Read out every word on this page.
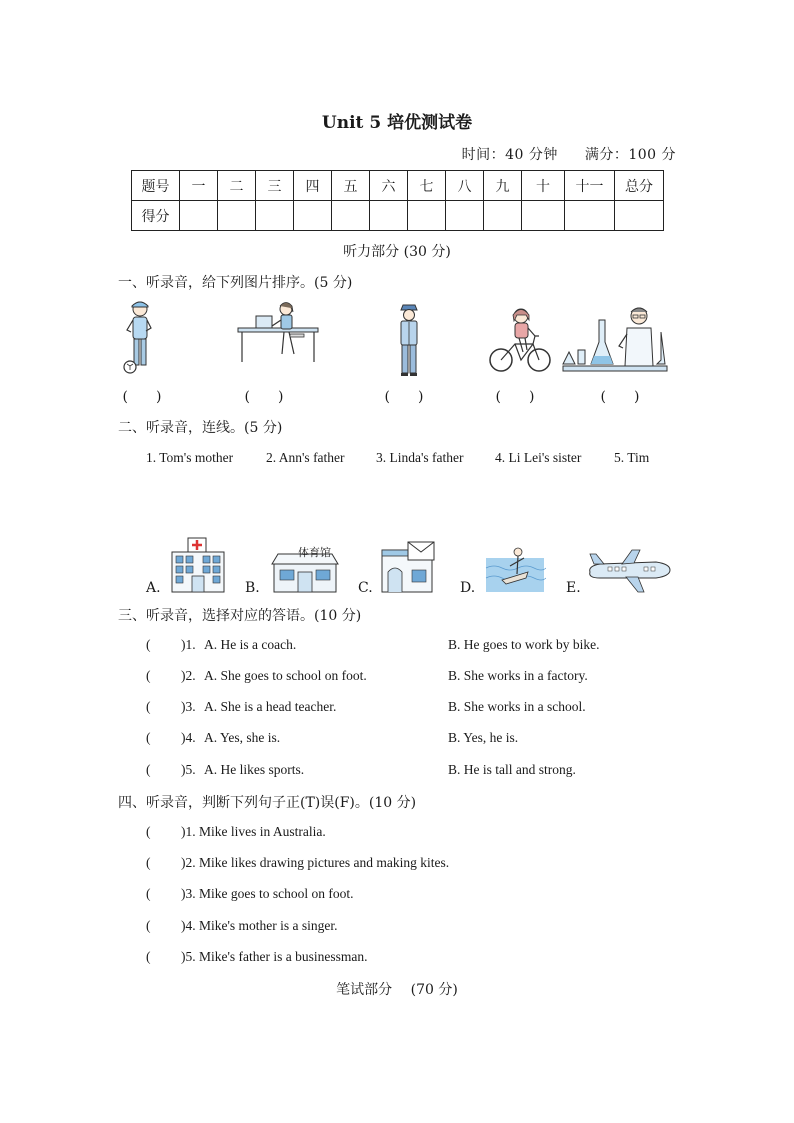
Unit 5 培优测试卷
时间：40 分钟 满分：100 分
题号	一	二	三	四	五	六	七	八	九	十	十一	总分
得分												
听力部分 (30 分)
一、听录音，给下列图片排序。(5 分)
(　　)	(　　)	(　　)	(　　)	(　　)
二、听录音，连线。(5 分)
1. Tom's mother 2. Ann's father 3. Linda's father 4. Li Lei's sister 5. Tim
A.	B.
体育馆
C.	D.	E.
三、听录音，选择对应的答语。(10 分)
( )1. A. He is a coach.	B. He goes to work by bike.
( )2. A. She goes to school on foot.	B. She works in a factory.
( )3. A. She is a head teacher.	B. She works in a school.
( )4. A. Yes, she is.	B. Yes, he is.
( )5. A. He likes sports.	B. He is tall and strong.
四、听录音，判断下列句子正(T)误(F)。(10 分)
( )1. Mike lives in Australia.
( )2. Mike likes drawing pictures and making kites.
( )3. Mike goes to school on foot.
( )4. Mike's mother is a singer.
( )5. Mike's father is a businessman.
笔试部分　 (70 分)
